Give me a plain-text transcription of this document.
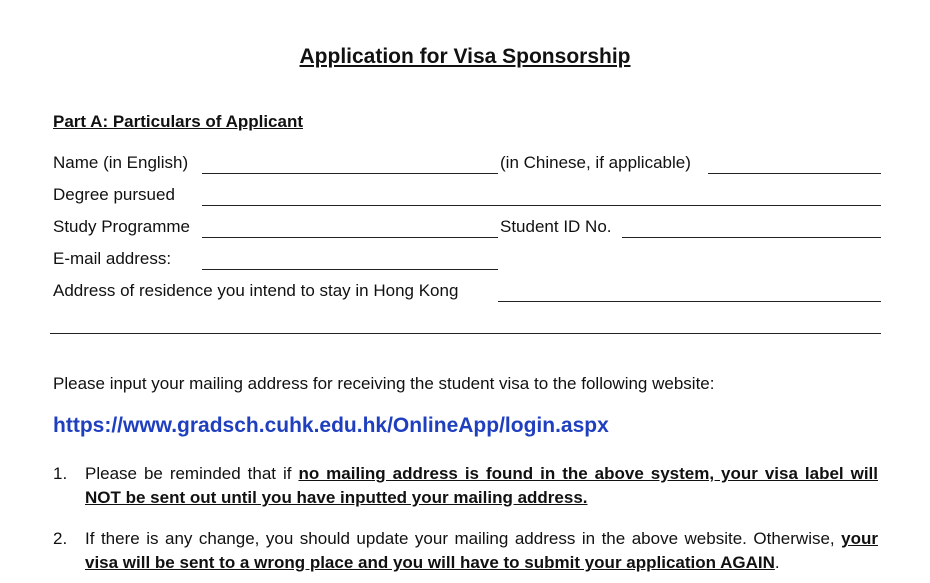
Application for Visa Sponsorship
Part A: Particulars of Applicant
Name (in English)	(in Chinese, if applicable)
Degree pursued
Study Programme	Student ID No.
E-mail address:
Address of residence you intend to stay in Hong Kong
Please input your mailing address for receiving the student visa to the following website:
https://www.gradsch.cuhk.edu.hk/OnlineApp/login.aspx
1. Please be reminded that if no mailing address is found in the above system, your visa label will NOT be sent out until you have inputted your mailing address.
2. If there is any change, you should update your mailing address in the above website. Otherwise, your visa will be sent to a wrong place and you will have to submit your application AGAIN.
